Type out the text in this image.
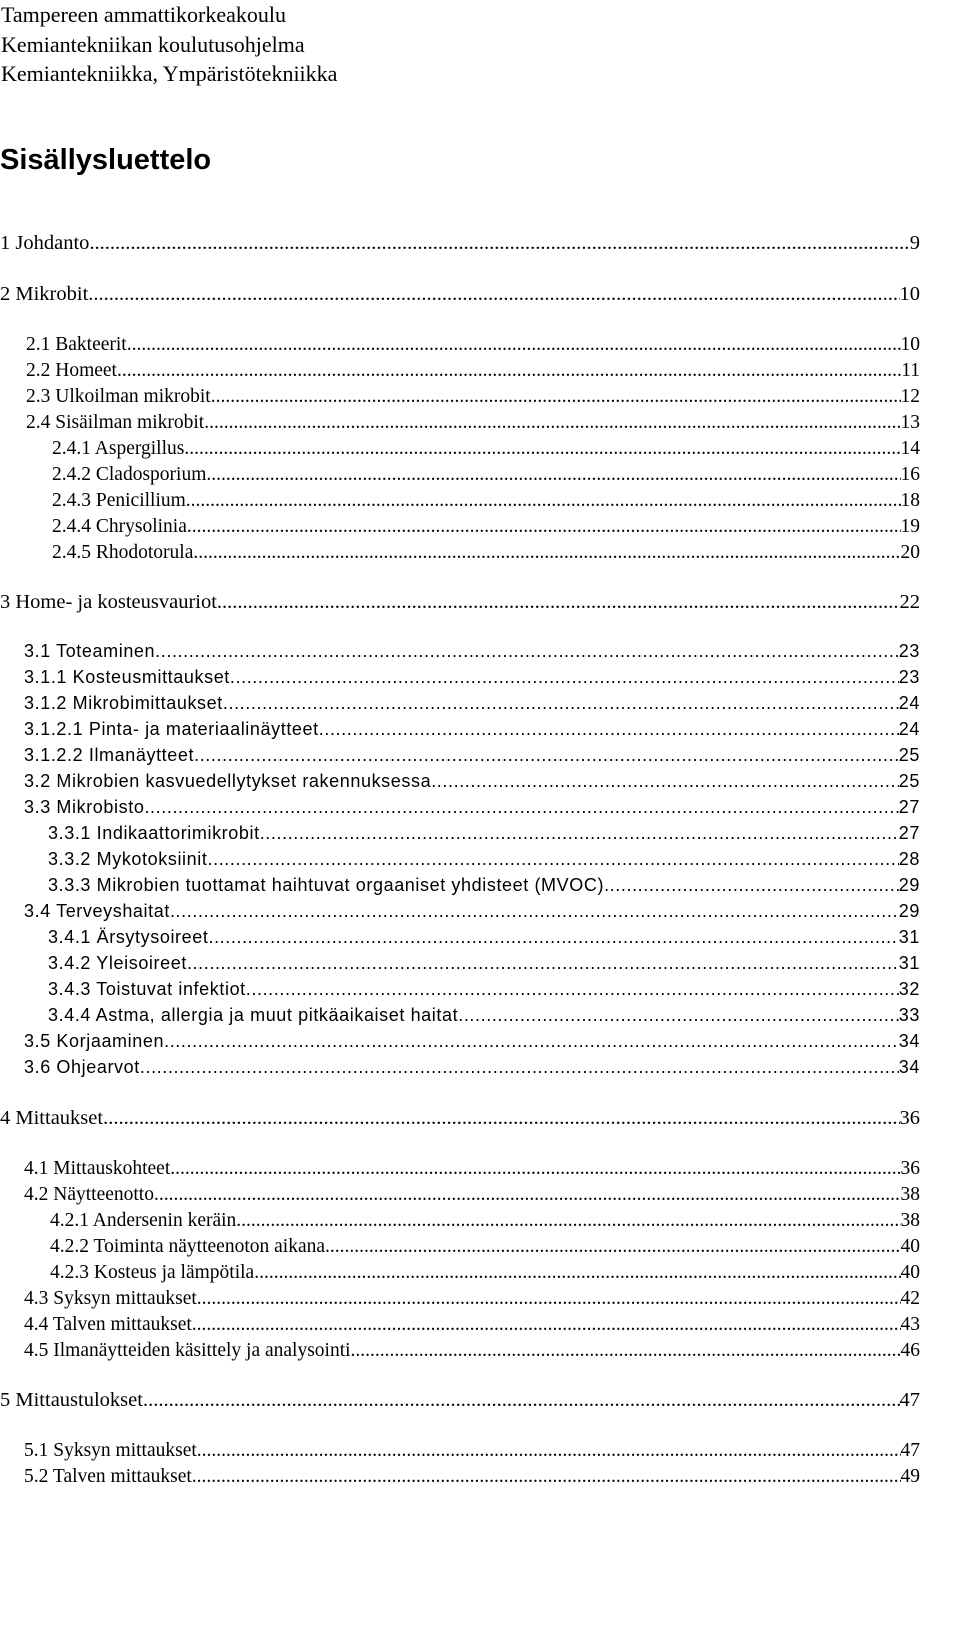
Tampereen ammattikorkeakoulu
Kemiantekniikan koulutusohjelma
Kemiantekniikka, Ympäristötekniikka
Sisällysluettelo
1 Johdanto .....	9
2 Mikrobit .....	10
2.1 Bakteerit .....	10
2.2 Homeet .....	11
2.3 Ulkoilman mikrobit .....	12
2.4 Sisäilman mikrobit .....	13
2.4.1 Aspergillus .....	14
2.4.2 Cladosporium .....	16
2.4.3 Penicillium .....	18
2.4.4 Chrysolinia .....	19
2.4.5 Rhodotorula .....	20
3 Home- ja kosteusvauriot .....	22
3.1 Toteaminen .....	23
3.1.1 Kosteusmittaukset .....	23
3.1.2 Mikrobimittaukset .....	24
3.1.2.1 Pinta- ja materiaalinäytteet .....	24
3.1.2.2 Ilmanäytteet .....	25
3.2 Mikrobien kasvuedellytykset rakennuksessa .....	25
3.3 Mikrobisto .....	27
3.3.1 Indikaattorimikrobit .....	27
3.3.2 Mykotoksiinit .....	28
3.3.3 Mikrobien tuottamat haihtuvat orgaaniset yhdisteet (MVOC) .....	29
3.4 Terveyshaitat .....	29
3.4.1 Ärsytysoireet .....	31
3.4.2 Yleisoireet .....	31
3.4.3 Toistuvat infektiot .....	32
3.4.4 Astma, allergia ja muut pitkäaikaiset haitat .....	33
3.5 Korjaaminen .....	34
3.6 Ohjearvot .....	34
4 Mittaukset .....	36
4.1 Mittauskohteet .....	36
4.2 Näytteenotto .....	38
4.2.1 Andersenin keräin .....	38
4.2.2 Toiminta näytteenoton aikana .....	40
4.2.3 Kosteus ja lämpötila .....	40
4.3 Syksyn mittaukset .....	42
4.4 Talven mittaukset .....	43
4.5 Ilmanäytteiden käsittely ja analysointi .....	46
5 Mittaustulokset .....	47
5.1 Syksyn mittaukset .....	47
5.2 Talven mittaukset .....	49
